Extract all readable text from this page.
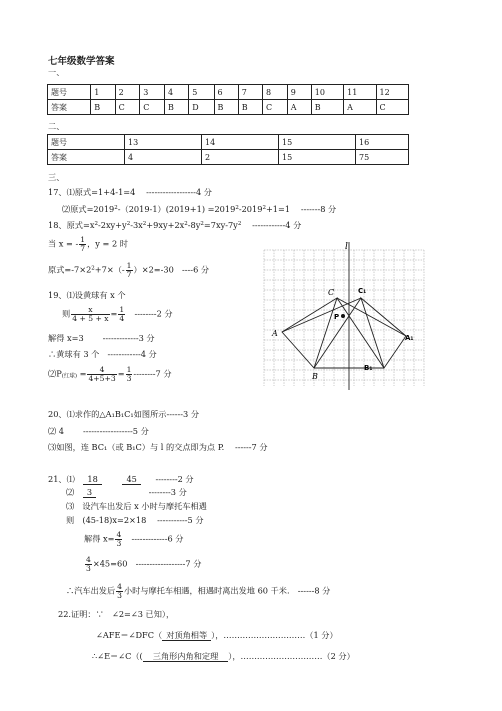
七年级数学答案
一、
题号	1	2	3	4	5	6	7	8	9	10	11	12
答案	B	C	C	B	D	B	B	C	A	B	A	C
二、
题号	13	14	15	16
答案	4	2	15	75
三、
17、⑴原式=1+4-1=4　 ------------------4 分
⑵原式$=2019^2-(2019-1)(2019+1) =2019^2-2019^2+1=1$ 　-------8 分
18、原式$=x^2-2xy+y^2-3x^2+9xy+2x^2-8y^2=7xy-7y^2$ 　------------4 分
当 x = - $\frac{1}{7}$ ，y = 2 时
原式$=-7\times 2^2+7\times(- \frac{1}{7} )\times 2=-30$　----6 分
19、⑴设黄球有 x 个
则 $\frac{x}{4 + 5 + x} = \frac{1}{4}$ 　--------2 分
解得 x=3　　 -------------3 分
∴黄球有 3 个　------------4 分
$⑵P_{(红球)} = \frac{4}{4+5+3} = \frac{1}{3} --------7$ 分
20、⑴求作的△A₁B₁C₁如图所示------3 分
⑵ 4　　 ------------------5 分
⑶如图，连 BC₁（或 B₁C）与 l 的交点即为点 P.　 ------7 分
21、⑴ 18	45 --------2 分
⑵ 3	--------3 分
⑶　设汽车出发后 x 小时与摩托车相遇
则　(45-18)x=2×18　 -----------5 分
解得 $x= \frac{4}{3}$ 　-------------6 分
$\frac{4}{3} \times 45=60$　------------------7 分
∴汽车出发后 $\frac{4}{3}$ 小时与摩托车相遇，相遇时离出发地 60 千米.　------8 分
22.证明：∵　∠2=∠3 已知），
∠AFE＝∠DFC（ 对顶角相等 ），…………………………（1 分）
∴∠E＝∠C（( 三角形内角和定理 ），…………………………（2 分）
l
C	C₁
P
A	A₁
B
B₁
